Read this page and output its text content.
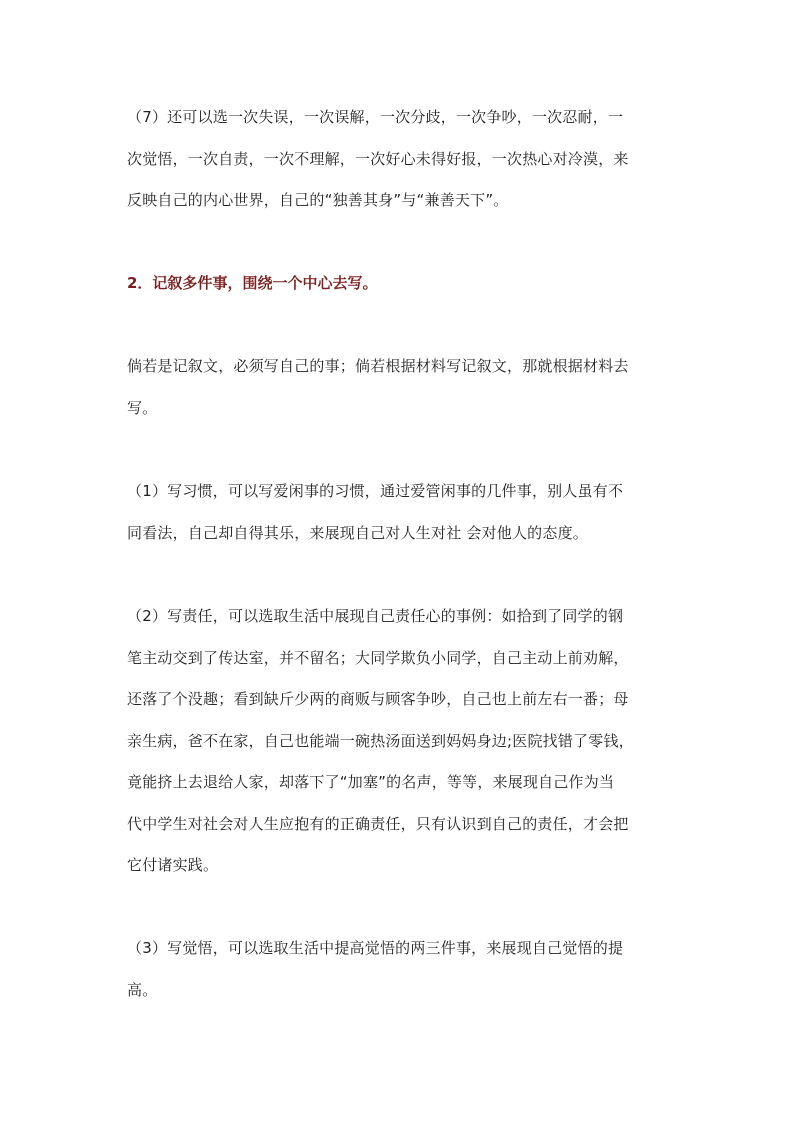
（7）还可以选一次失误，一次误解，一次分歧，一次争吵，一次忍耐，一
次觉悟，一次自责，一次不理解，一次好心未得好报，一次热心对冷漠，来
反映自己的内心世界，自己的“独善其身”与“兼善天下”。
2．记叙多件事，围绕一个中心去写。
倘若是记叙文，必须写自己的事；倘若根据材料写记叙文，那就根据材料去
写。
（1）写习惯，可以写爱闲事的习惯，通过爱管闲事的几件事，别人虽有不
同看法，自己却自得其乐，来展现自己对人生对社 会对他人的态度。
（2）写责任，可以选取生活中展现自己责任心的事例：如拾到了同学的钢
笔主动交到了传达室，并不留名；大同学欺负小同学，自己主动上前劝解，
还落了个没趣；看到缺斤少两的商贩与顾客争吵，自己也上前左右一番；母
亲生病，爸不在家，自己也能端一碗热汤面送到妈妈身边;医院找错了零钱，
竟能挤上去退给人家，却落下了“加塞”的名声，等等，来展现自己作为当
代中学生对社会对人生应抱有的正确责任，只有认识到自己的责任，才会把
它付诸实践。
（3）写觉悟，可以选取生活中提高觉悟的两三件事，来展现自己觉悟的提
高。
